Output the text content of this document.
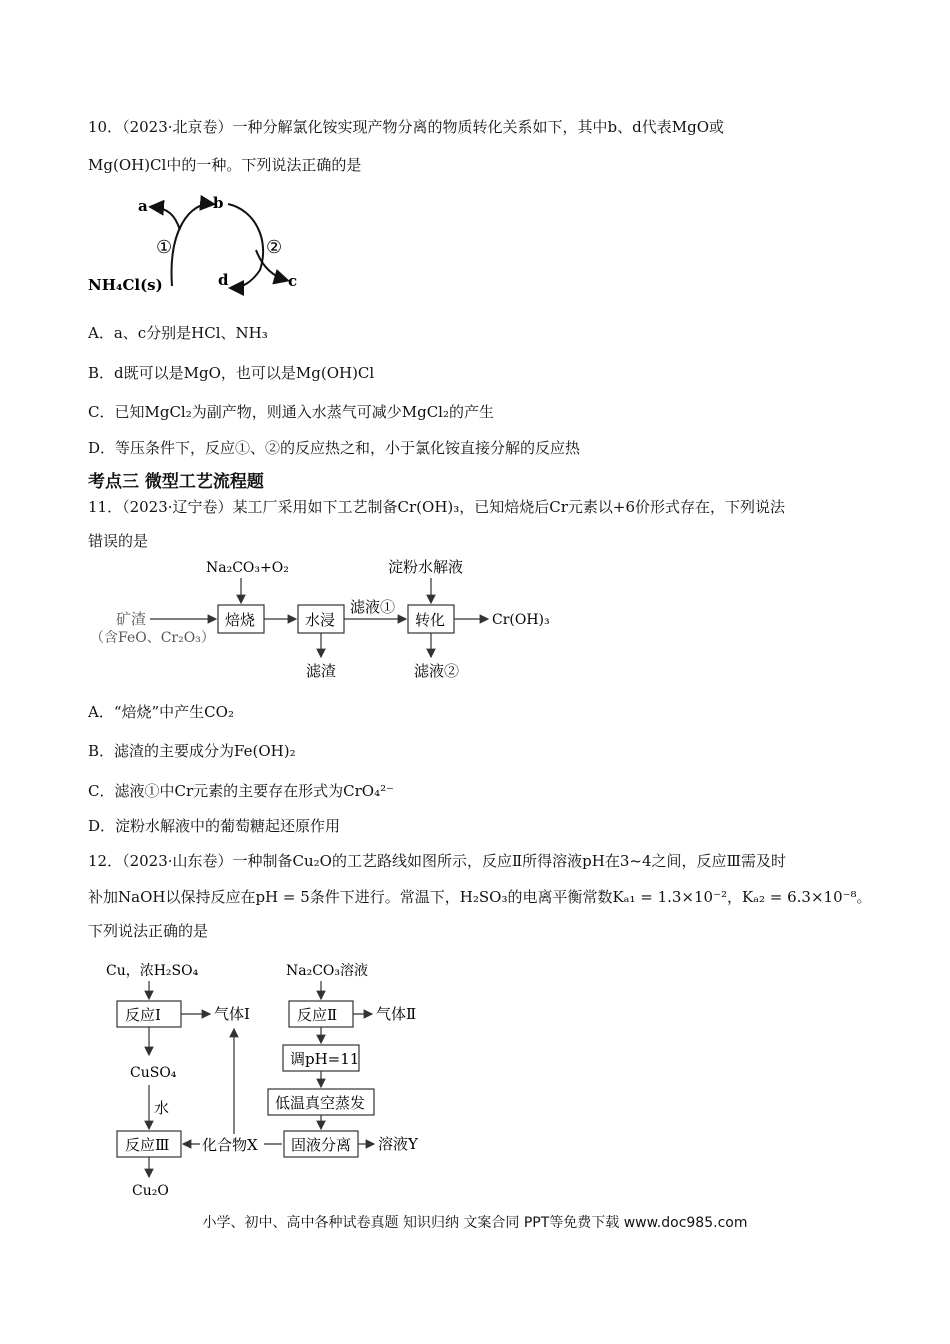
10．（2023·北京卷）一种分解氯化铵实现产物分离的物质转化关系如下，其中b、d代表MgO或
Mg(OH)Cl中的一种。下列说法正确的是
a	b
c
d
①	②
NH₄Cl(s)
A．a、c分别是HCl、NH₃
B．d既可以是MgO，也可以是Mg(OH)Cl
C．已知MgCl₂为副产物，则通入水蒸气可减少MgCl₂的产生
D．等压条件下，反应①、②的反应热之和，小于氯化铵直接分解的反应热
考点三 微型工艺流程题
11．（2023·辽宁卷）某工厂采用如下工艺制备Cr(OH)₃，已知焙烧后Cr元素以+6价形式存在，下列说法
错误的是
矿渣
（含FeO、Cr₂O₃）
焙烧
Na₂CO₃+O₂
水浸
滤渣
滤液①
转化
淀粉水解液
滤液②
Cr(OH)₃
A．“焙烧”中产生CO₂
B．滤渣的主要成分为Fe(OH)₂
C．滤液①中Cr元素的主要存在形式为CrO₄²⁻
D．淀粉水解液中的葡萄糖起还原作用
12．（2023·山东卷）一种制备Cu₂O的工艺路线如图所示，反应Ⅱ所得溶液pH在3~4之间，反应Ⅲ需及时
补加NaOH以保持反应在pH = 5条件下进行。常温下，H₂SO₃的电离平衡常数Kₐ₁ = 1.3×10⁻²，Kₐ₂ = 6.3×10⁻⁸。
下列说法正确的是
Cu，浓H₂SO₄
反应Ⅰ	气体Ⅰ
CuSO₄
水
反应Ⅲ
Cu₂O

化合物X
Na₂CO₃溶液
反应Ⅱ	气体Ⅱ
调pH=11
低温真空蒸发
固液分离 溶液Y
小学、初中、高中各种试卷真题 知识归纳 文案合同 PPT等免费下载 www.doc985.com
